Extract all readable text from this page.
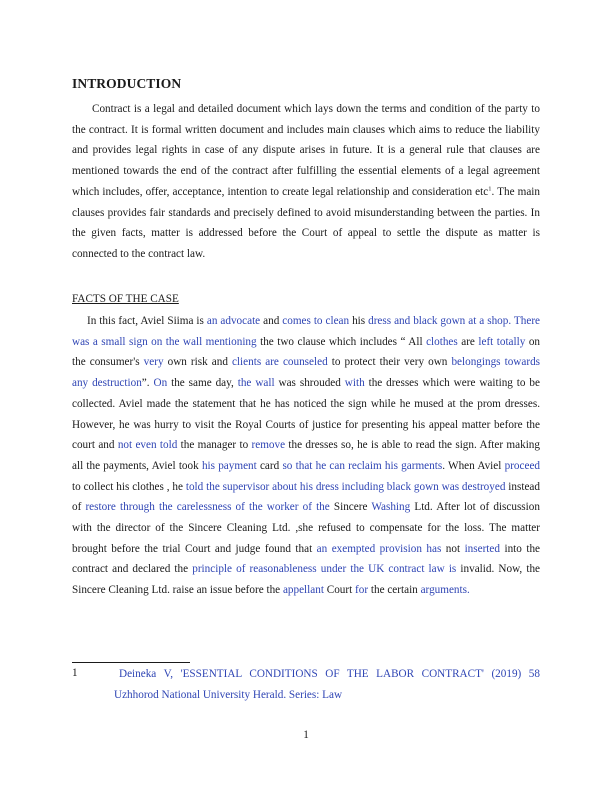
INTRODUCTION

Contract is a legal and detailed document which lays down the terms and condition of the party to the contract. It is formal written document and includes main clauses which aims to reduce the liability and provides legal rights in case of any dispute arises in future. It is a general rule that clauses are mentioned towards the end of the contract after fulfilling the essential elements of a legal agreement which includes, offer, acceptance, intention to create legal relationship and consideration etc$^1$. The main clauses provides fair standards and precisely defined to avoid misunderstanding between the parties. In the given facts, matter is addressed before the Court of appeal to settle the dispute as matter is connected to the contract law.

FACTS OF THE CASE

In this fact, Aviel Siima is an advocate and comes to clean his dress and black gown at a shop. There was a small sign on the wall mentioning the two clause which includes “ All clothes are left totally on the consumer's very own risk and clients are counseled to protect their very own belongings towards any destruction”. On the same day, the wall was shrouded with the dresses which were waiting to be collected. Aviel made the statement that he has noticed the sign while he mused at the prom dresses. However, he was hurry to visit the Royal Courts of justice for presenting his appeal matter before the court and not even told the manager to remove the dresses so, he is able to read the sign. After making all the payments, Aviel took his payment card so that he can reclaim his garments. When Aviel proceed to collect his clothes , he told the supervisor about his dress including black gown was destroyed instead of restore through the carelessness of the worker of the Sincere Washing Ltd. After lot of discussion with the director of the Sincere Cleaning Ltd. ,she refused to compensate for the loss. The matter brought before the trial Court and judge found that an exempted provision has not inserted into the contract and declared the principle of reasonableness under the UK contract law is invalid. Now, the Sincere Cleaning Ltd. raise an issue before the appellant Court for the certain arguments.

1	Deineka V, 'ESSENTIAL CONDITIONS OF THE LABOR CONTRACT' (2019) 58 Uzhhorod National University Herald. Series: Law

1
